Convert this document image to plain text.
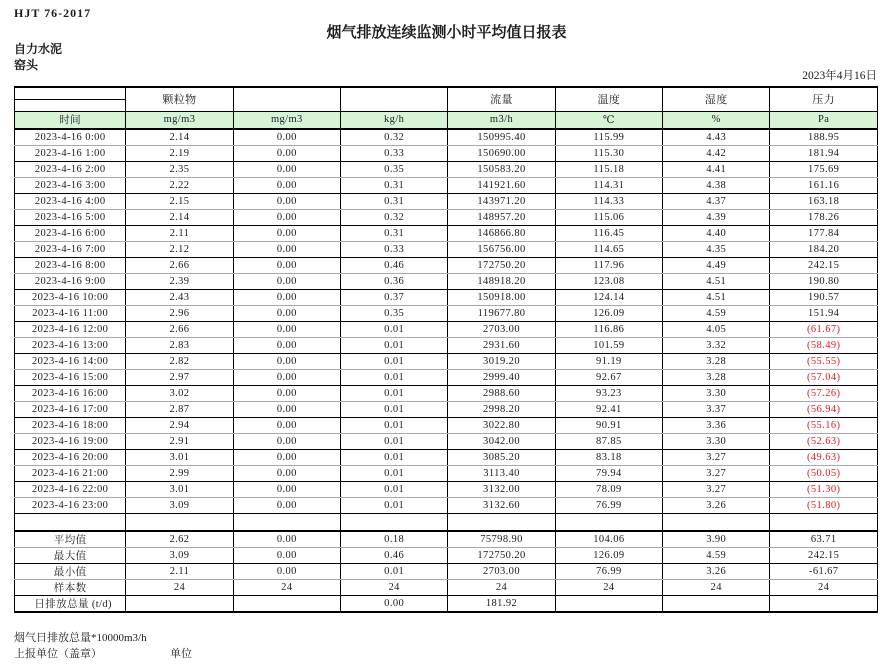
HJT 76-2017
烟气排放连续监测小时平均值日报表
自力水泥
窑头
2023年4月16日
	颗粒物			流量	温度	湿度	压力

时间	mg/m3	mg/m3	kg/h	m3/h	℃	%	Pa
2023-4-16 0:00	2.14	0.00	0.32	150995.40	115.99	4.43	188.95
2023-4-16 1:00	2.19	0.00	0.33	150690.00	115.30	4.42	181.94
2023-4-16 2:00	2.35	0.00	0.35	150583.20	115.18	4.41	175.69
2023-4-16 3:00	2.22	0.00	0.31	141921.60	114.31	4.38	161.16
2023-4-16 4:00	2.15	0.00	0.31	143971.20	114.33	4.37	163.18
2023-4-16 5:00	2.14	0.00	0.32	148957.20	115.06	4.39	178.26
2023-4-16 6:00	2.11	0.00	0.31	146866.80	116.45	4.40	177.84
2023-4-16 7:00	2.12	0.00	0.33	156756.00	114.65	4.35	184.20
2023-4-16 8:00	2.66	0.00	0.46	172750.20	117.96	4.49	242.15
2023-4-16 9:00	2.39	0.00	0.36	148918.20	123.08	4.51	190.80
2023-4-16 10:00	2.43	0.00	0.37	150918.00	124.14	4.51	190.57
2023-4-16 11:00	2.96	0.00	0.35	119677.80	126.09	4.59	151.94
2023-4-16 12:00	2.66	0.00	0.01	2703.00	116.86	4.05	(61.67)
2023-4-16 13:00	2.83	0.00	0.01	2931.60	101.59	3.32	(58.49)
2023-4-16 14:00	2.82	0.00	0.01	3019.20	91.19	3.28	(55.55)
2023-4-16 15:00	2.97	0.00	0.01	2999.40	92.67	3.28	(57.04)
2023-4-16 16:00	3.02	0.00	0.01	2988.60	93.23	3.30	(57.26)
2023-4-16 17:00	2.87	0.00	0.01	2998.20	92.41	3.37	(56.94)
2023-4-16 18:00	2.94	0.00	0.01	3022.80	90.91	3.36	(55.16)
2023-4-16 19:00	2.91	0.00	0.01	3042.00	87.85	3.30	(52.63)
2023-4-16 20:00	3.01	0.00	0.01	3085.20	83.18	3.27	(49.63)
2023-4-16 21:00	2.99	0.00	0.01	3113.40	79.94	3.27	(50.05)
2023-4-16 22:00	3.01	0.00	0.01	3132.00	78.09	3.27	(51.30)
2023-4-16 23:00	3.09	0.00	0.01	3132.60	76.99	3.26	(51.80)

平均值	2.62	0.00	0.18	75798.90	104.06	3.90	63.71
最大值	3.09	0.00	0.46	172750.20	126.09	4.59	242.15
最小值	2.11	0.00	0.01	2703.00	76.99	3.26	-61.67
样本数	24	24	24	24	24	24	24
日排放总量 (t/d)			0.00	181.92			
烟气日排放总量*10000m3/h
上报单位（盖章）	单位
